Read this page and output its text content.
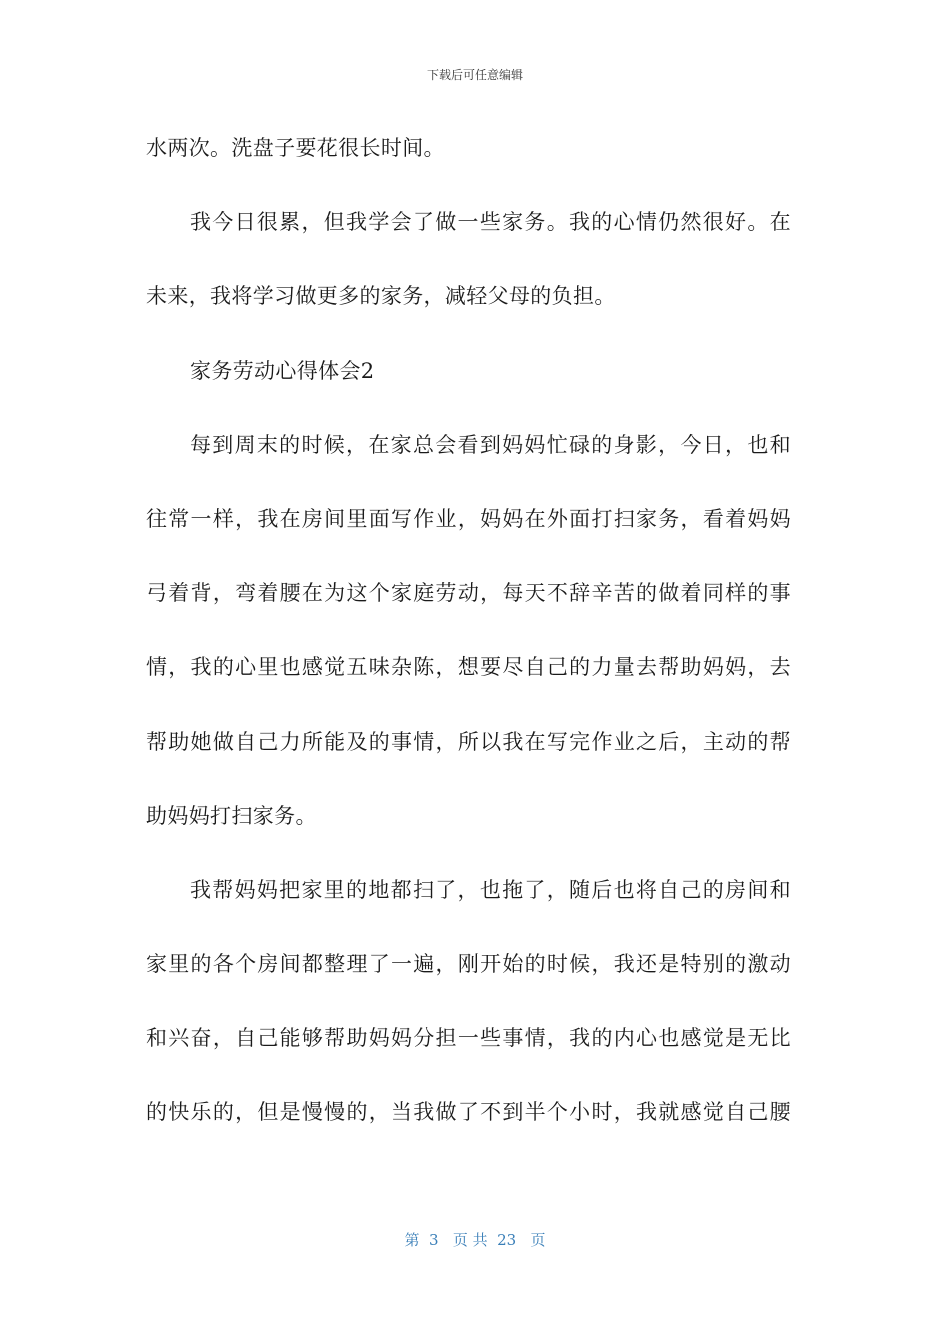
下载后可任意编辑
水两次。洗盘子要花很长时间。
我今日很累，但我学会了做一些家务。我的心情仍然很好。在
未来，我将学习做更多的家务，减轻父母的负担。
家务劳动心得体会2
每到周末的时候，在家总会看到妈妈忙碌的身影，今日，也和
往常一样，我在房间里面写作业，妈妈在外面打扫家务，看着妈妈
弓着背，弯着腰在为这个家庭劳动，每天不辞辛苦的做着同样的事
情，我的心里也感觉五味杂陈，想要尽自己的力量去帮助妈妈，去
帮助她做自己力所能及的事情，所以我在写完作业之后，主动的帮
助妈妈打扫家务。
我帮妈妈把家里的地都扫了，也拖了，随后也将自己的房间和
家里的各个房间都整理了一遍，刚开始的时候，我还是特别的激动
和兴奋，自己能够帮助妈妈分担一些事情，我的内心也感觉是无比
的快乐的，但是慢慢的，当我做了不到半个小时，我就感觉自己腰
第  3   页 共  23   页
